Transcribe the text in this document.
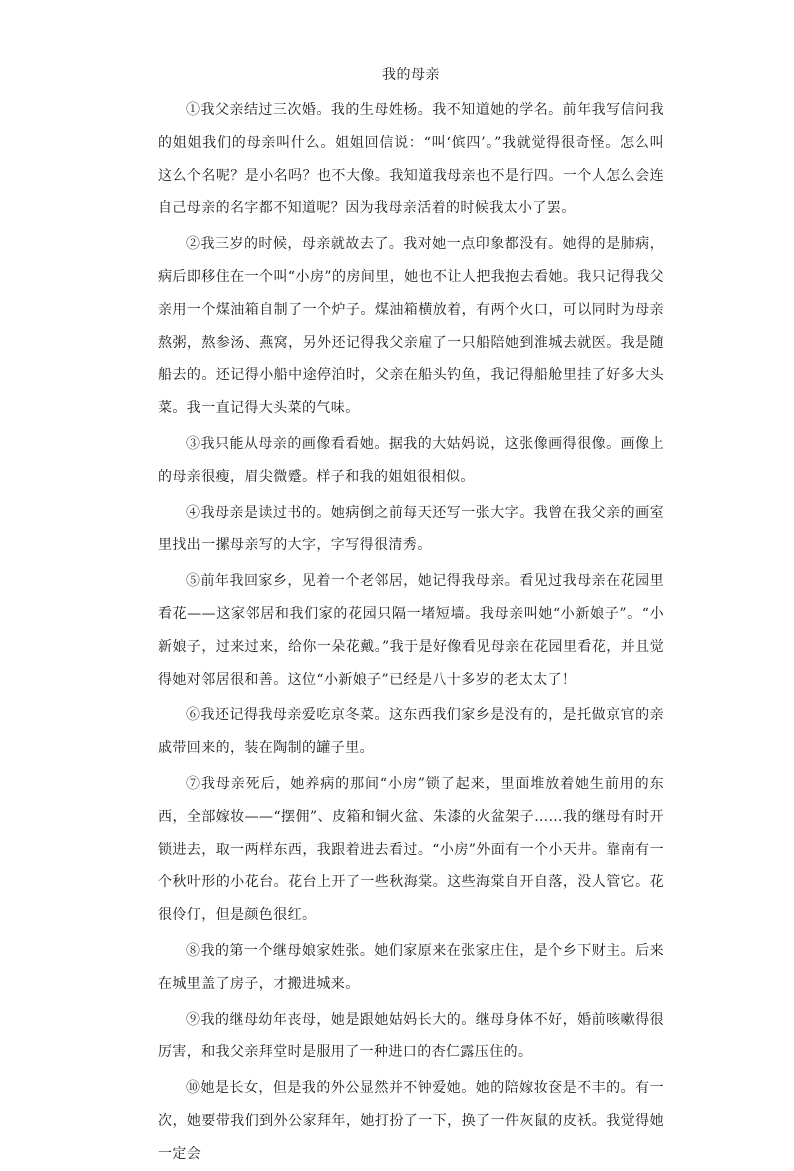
我的母亲

①我父亲结过三次婚。我的生母姓杨。我不知道她的学名。前年我写信问我的姐姐我们的母亲叫什么。姐姐回信说：“叫‘傧四’。”我就觉得很奇怪。怎么叫这么个名呢？是小名吗？也不大像。我知道我母亲也不是行四。一个人怎么会连自己母亲的名字都不知道呢？因为我母亲活着的时候我太小了罢。

②我三岁的时候，母亲就故去了。我对她一点印象都没有。她得的是肺病，病后即移住在一个叫“小房”的房间里，她也不让人把我抱去看她。我只记得我父亲用一个煤油箱自制了一个炉子。煤油箱横放着，有两个火口，可以同时为母亲熬粥，熬参汤、燕窝，另外还记得我父亲雇了一只船陪她到淮城去就医。我是随船去的。还记得小船中途停泊时，父亲在船头钓鱼，我记得船舱里挂了好多大头菜。我一直记得大头菜的气味。

③我只能从母亲的画像看看她。据我的大姑妈说，这张像画得很像。画像上的母亲很瘦，眉尖微蹙。样子和我的姐姐很相似。

④我母亲是读过书的。她病倒之前每天还写一张大字。我曾在我父亲的画室里找出一摞母亲写的大字，字写得很清秀。

⑤前年我回家乡，见着一个老邻居，她记得我母亲。看见过我母亲在花园里看花——这家邻居和我们家的花园只隔一堵短墙。我母亲叫她“小新娘子”。“小新娘子，过来过来，给你一朵花戴。”我于是好像看见母亲在花园里看花，并且觉得她对邻居很和善。这位“小新娘子”已经是八十多岁的老太太了！

⑥我还记得我母亲爱吃京冬菜。这东西我们家乡是没有的，是托做京官的亲戚带回来的，装在陶制的罐子里。

⑦我母亲死后，她养病的那间“小房”锁了起来，里面堆放着她生前用的东西，全部嫁妆——“摆佣”、皮箱和铜火盆、朱漆的火盆架子……我的继母有时开锁进去，取一两样东西，我跟着进去看过。“小房”外面有一个小天井。靠南有一个秋叶形的小花台。花台上开了一些秋海棠。这些海棠自开自落，没人管它。花很伶仃，但是颜色很红。

⑧我的第一个继母娘家姓张。她们家原来在张家庄住，是个乡下财主。后来在城里盖了房子，才搬进城来。

⑨我的继母幼年丧母，她是跟她姑妈长大的。继母身体不好，婚前咳嗽得很厉害，和我父亲拜堂时是服用了一种进口的杏仁露压住的。

⑩她是长女，但是我的外公显然并不钟爱她。她的陪嫁妆奁是不丰的。有一次，她要带我们到外公家拜年，她打扮了一下，换了一件灰鼠的皮袄。我觉得她一定会
